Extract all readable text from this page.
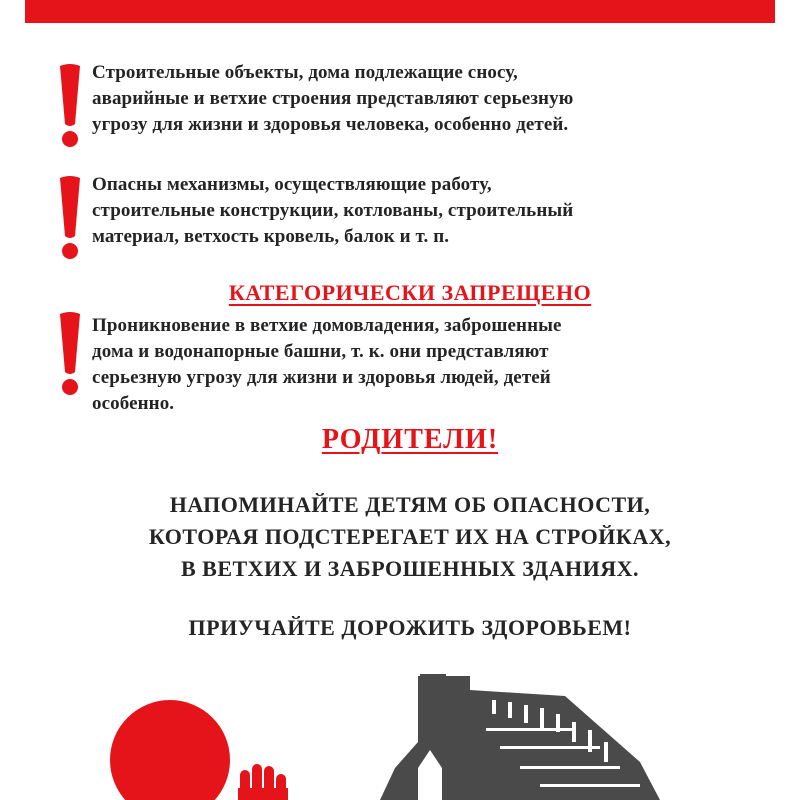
Строительные объекты, дома подлежащие сносу,
аварийные и ветхие строения представляют серьезную
угрозу для жизни и здоровья человека, особенно детей.
Опасны механизмы, осуществляющие работу,
строительные конструкции, котлованы, строительный
материал, ветхость кровель, балок и т. п.
КАТЕГОРИЧЕСКИ ЗАПРЕЩЕНО
Проникновение в ветхие домовладения, заброшенные
дома и водонапорные башни, т. к. они представляют
серьезную угрозу для жизни и здоровья людей, детей
особенно.
РОДИТЕЛИ!
НАПОМИНАЙТЕ ДЕТЯМ ОБ ОПАСНОСТИ,
КОТОРАЯ ПОДСТЕРЕГАЕТ ИХ НА СТРОЙКАХ,
В ВЕТХИХ И ЗАБРОШЕННЫХ ЗДАНИЯХ.
ПРИУЧАЙТЕ ДОРОЖИТЬ ЗДОРОВЬЕМ!
